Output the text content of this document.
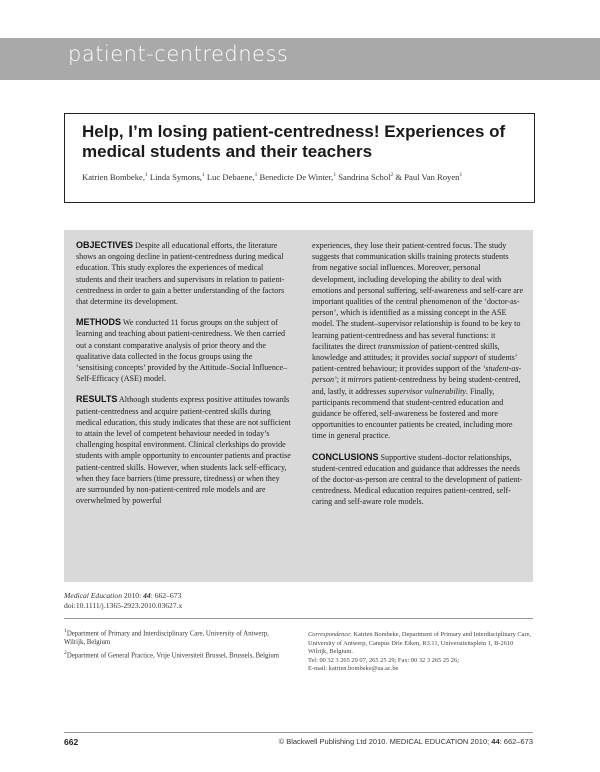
patient-centredness
Help, I’m losing patient-centredness! Experiences of medical students and their teachers
Katrien Bombeke,$^1$ Linda Symons,$^1$ Luc Debaene,$^1$ Benedicte De Winter,$^1$ Sandrina Schol$^2$ & Paul Van Royen$^1$

OBJECTIVES Despite all educational efforts, the literature shows an ongoing decline in patient-centredness during medical education. This study explores the experiences of medical students and their teachers and supervisors in relation to patient-centredness in order to gain a better understanding of the factors that determine its development.

METHODS We conducted 11 focus groups on the subject of learning and teaching about patient-centredness. We then carried out a constant comparative analysis of prior theory and the qualitative data collected in the focus groups using the ‘sensitising concepts’ provided by the Attitude–Social Influence–Self-Efficacy (ASE) model.

RESULTS Although students express positive attitudes towards patient-centredness and acquire patient-centred skills during medical education, this study indicates that these are not sufficient to attain the level of competent behaviour needed in today’s challenging hospital environment. Clinical clerkships do provide students with ample opportunity to encounter patients and practise patient-centred skills. However, when students lack self-efficacy, when they face barriers (time pressure, tiredness) or when they are surrounded by non-patient-centred role models and are overwhelmed by powerful

experiences, they lose their patient-centred focus. The study suggests that communication skills training protects students from negative social influences. Moreover, personal development, including developing the ability to deal with emotions and personal suffering, self-awareness and self-care are important qualities of the central phenomenon of the ‘doctor-as-person’, which is identified as a missing concept in the ASE model. The student–supervisor relationship is found to be key to learning patient-centredness and has several functions: it facilitates the direct transmission of patient-centred skills, knowledge and attitudes; it provides social support of students’ patient-centred behaviour; it provides support of the ‘student-as-person’; it mirrors patient-centredness by being student-centred, and, lastly, it addresses supervisor vulnerability. Finally, participants recommend that student-centred education and guidance be offered, self-awareness be fostered and more opportunities to encounter patients be created, including more time in general practice.

CONCLUSIONS Supportive student–doctor relationships, student-centred education and guidance that addresses the needs of the doctor-as-person are central to the development of patient-centredness. Medical education requires patient-centred, self-caring and self-aware role models.

Medical Education 2010: 44: 662–673
doi:10.1111/j.1365-2923.2010.03627.x

$^1$Department of Primary and Interdisciplinary Care, University of Antwerp, Wilrijk, Belgium

$^2$Department of General Practice, Vrije Universiteit Brussel, Brussels, Belgium

Correspondence: Katrien Bombeke, Department of Primary and Interdisciplinary Care, University of Antwerp, Campus Drie Eiken, R3.11, Universiteitsplein 1, B-2610 Wilrijk, Belgium.
Tel: 00 32 3 265 29 07, 265 25 29; Fax: 00 32 3 265 25 26;
E-mail: katrien.bombeke@ua.ac.be
662	© Blackwell Publishing Ltd 2010. MEDICAL EDUCATION 2010; 44: 662–673
